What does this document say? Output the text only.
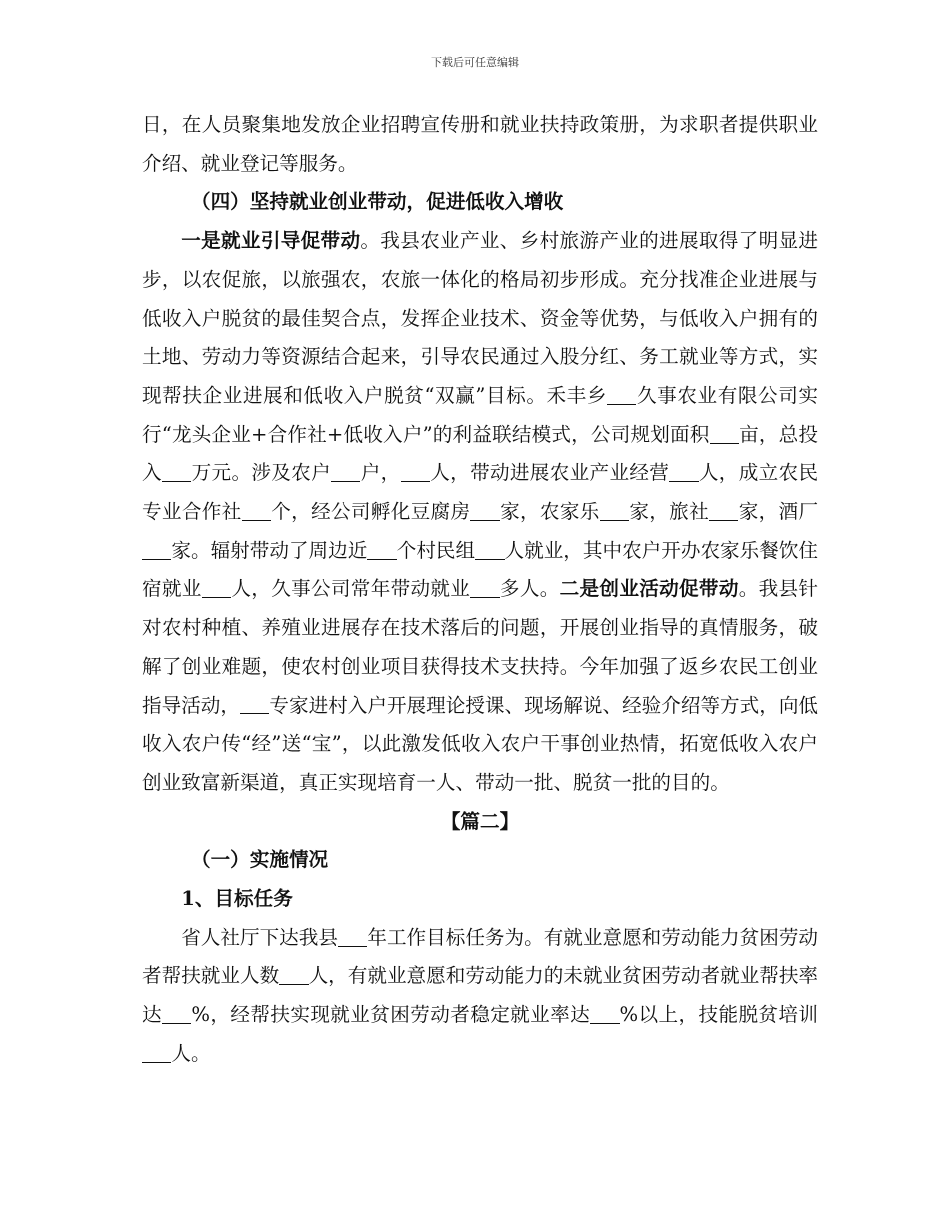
下载后可任意编辑

日，在人员聚集地发放企业招聘宣传册和就业扶持政策册，为求职者提供职业介绍、就业登记等服务。

（四）坚持就业创业带动，促进低收入增收

一是就业引导促带动。我县农业产业、乡村旅游产业的进展取得了明显进步，以农促旅，以旅强农，农旅一体化的格局初步形成。充分找准企业进展与低收入户脱贫的最佳契合点，发挥企业技术、资金等优势，与低收入户拥有的土地、劳动力等资源结合起来，引导农民通过入股分红、务工就业等方式，实现帮扶企业进展和低收入户脱贫“双赢”目标。禾丰乡 久事农业有限公司实行“龙头企业+合作社+低收入户”的利益联结模式，公司规划面积 亩，总投入 万元。涉及农户 户， 人，带动进展农业产业经营 人，成立农民专业合作社 个，经公司孵化豆腐房 家，农家乐 家，旅社 家，酒厂家。辐射带动了周边近 个村民组 人就业，其中农户开办农家乐餐饮住宿就业 人，久事公司常年带动就业 多人。二是创业活动促带动。我县针对农村种植、养殖业进展存在技术落后的问题，开展创业指导的真情服务，破解了创业难题，使农村创业项目获得技术支扶持。今年加强了返乡农民工创业指导活动， 专家进村入户开展理论授课、现场解说、经验介绍等方式，向低收入农户传“经”送“宝”，以此激发低收入农户干事创业热情，拓宽低收入农户创业致富新渠道，真正实现培育一人、带动一批、脱贫一批的目的。

【篇二】

（一）实施情况

1、目标任务

省人社厅下达我县 年工作目标任务为。有就业意愿和劳动能力贫困劳动者帮扶就业人数 人，有就业意愿和劳动能力的未就业贫困劳动者就业帮扶率达 %，经帮扶实现就业贫困劳动者稳定就业率达 %以上，技能脱贫培训人。
